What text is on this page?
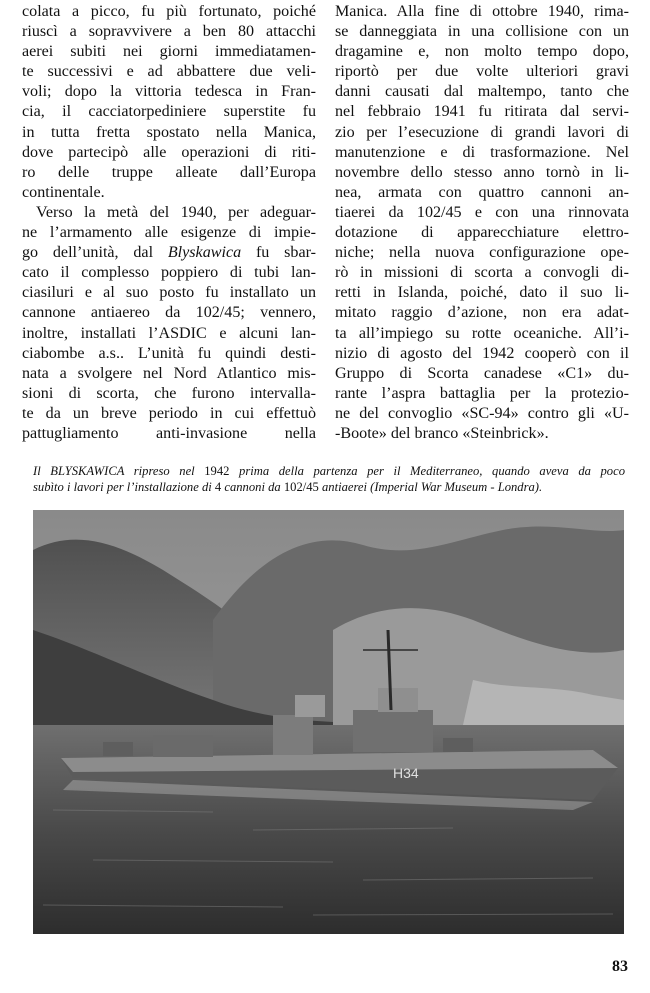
colata a picco, fu più fortunato, poiché
riuscì a sopravvivere a ben 80 attacchi
aerei subiti nei giorni immediatamen-
te successivi e ad abbattere due veli-
voli; dopo la vittoria tedesca in Fran-
cia, il cacciatorpediniere superstite fu
in tutta fretta spostato nella Manica,
dove partecipò alle operazioni di riti-
ro delle truppe alleate dall’Europa
continentale.
Verso la metà del 1940, per adeguar-
ne l’armamento alle esigenze di impie-
go dell’unità, dal Blyskawica fu sbar-
cato il complesso poppiero di tubi lan-
ciasiluri e al suo posto fu installato un
cannone antiaereo da 102/45; vennero,
inoltre, installati l’ASDIC e alcuni lan-
ciabombe a.s.. L’unità fu quindi desti-
nata a svolgere nel Nord Atlantico mis-
sioni di scorta, che furono intervalla-
te da un breve periodo in cui effettuò
pattugliamento anti-invasione nella
Manica. Alla fine di ottobre 1940, rima-
se danneggiata in una collisione con un
dragamine e, non molto tempo dopo,
riportò per due volte ulteriori gravi
danni causati dal maltempo, tanto che
nel febbraio 1941 fu ritirata dal servi-
zio per l’esecuzione di grandi lavori di
manutenzione e di trasformazione. Nel
novembre dello stesso anno tornò in li-
nea, armata con quattro cannoni an-
tiaerei da 102/45 e con una rinnovata
dotazione di apparecchiature elettro-
niche; nella nuova configurazione ope-
rò in missioni di scorta a convogli di-
retti in Islanda, poiché, dato il suo li-
mitato raggio d’azione, non era adat-
ta all’impiego su rotte oceaniche. All’i-
nizio di agosto del 1942 cooperò con il
Gruppo di Scorta canadese «C1» du-
rante l’aspra battaglia per la protezio-
ne del convoglio «SC-94» contro gli «U-
-Boote» del branco «Steinbrick».
Il BLYSKAWICA ripreso nel 1942 prima della partenza per il Mediterraneo, quando aveva da poco
subìto i lavori per l’installazione di 4 cannoni da 102/45 antiaerei (Imperial War Museum - Londra).
H34
83
